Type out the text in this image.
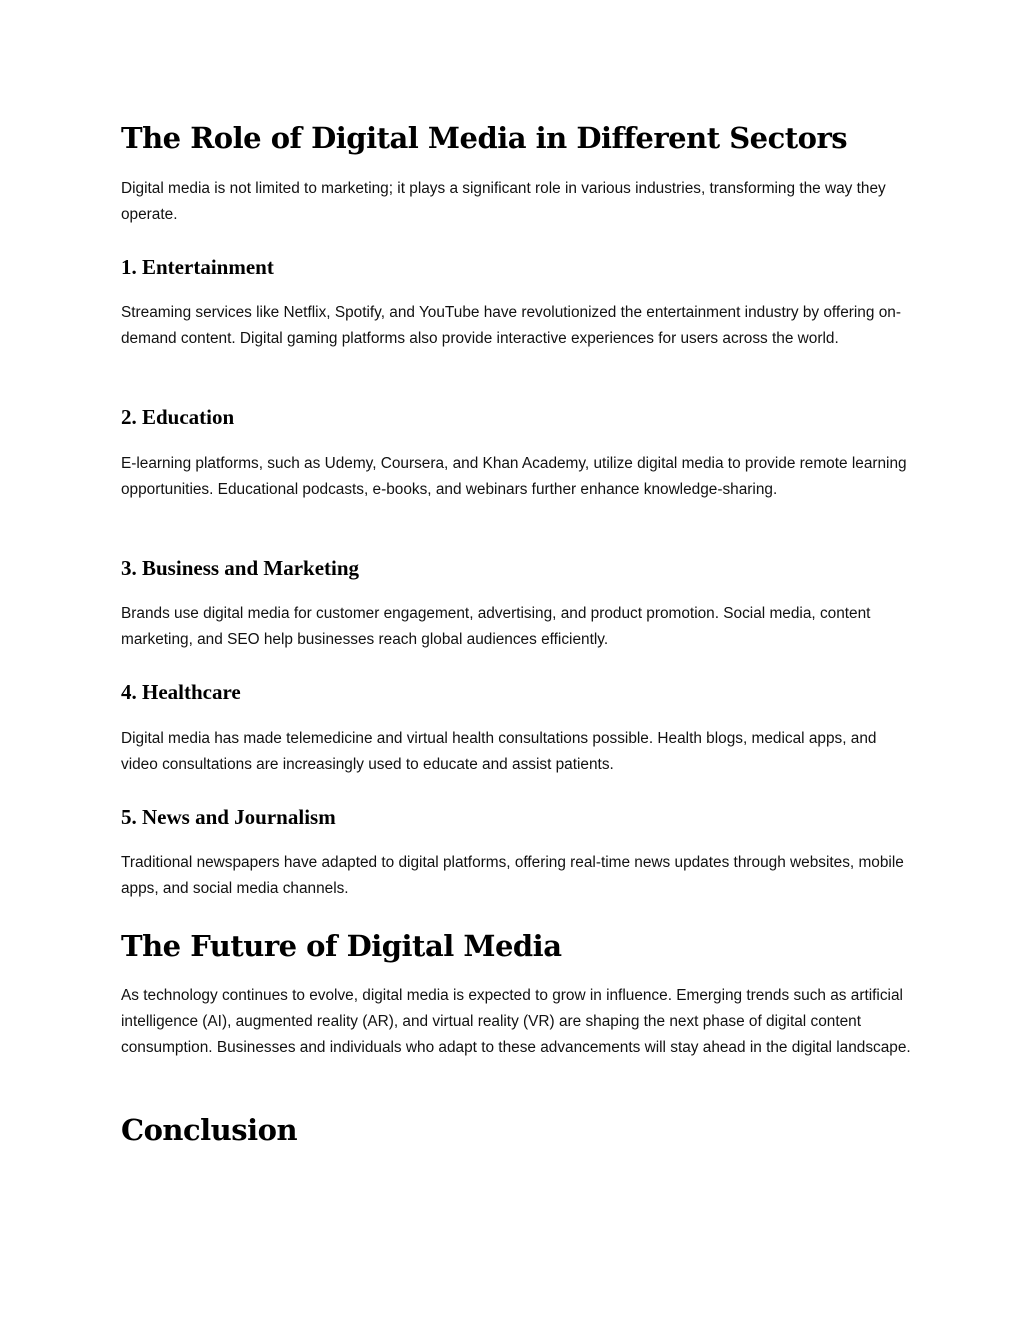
The Role of Digital Media in Different Sectors

Digital media is not limited to marketing; it plays a significant role in various industries, transforming the way they operate.

1. Entertainment

Streaming services like Netflix, Spotify, and YouTube have revolutionized the entertainment industry by offering on-demand content. Digital gaming platforms also provide interactive experiences for users across the world.

2. Education

E-learning platforms, such as Udemy, Coursera, and Khan Academy, utilize digital media to provide remote learning opportunities. Educational podcasts, e-books, and webinars further enhance knowledge-sharing.

3. Business and Marketing

Brands use digital media for customer engagement, advertising, and product promotion. Social media, content marketing, and SEO help businesses reach global audiences efficiently.

4. Healthcare

Digital media has made telemedicine and virtual health consultations possible. Health blogs, medical apps, and video consultations are increasingly used to educate and assist patients.

5. News and Journalism

Traditional newspapers have adapted to digital platforms, offering real-time news updates through websites, mobile apps, and social media channels.

The Future of Digital Media

As technology continues to evolve, digital media is expected to grow in influence. Emerging trends such as artificial intelligence (AI), augmented reality (AR), and virtual reality (VR) are shaping the next phase of digital content consumption. Businesses and individuals who adapt to these advancements will stay ahead in the digital landscape.

Conclusion
